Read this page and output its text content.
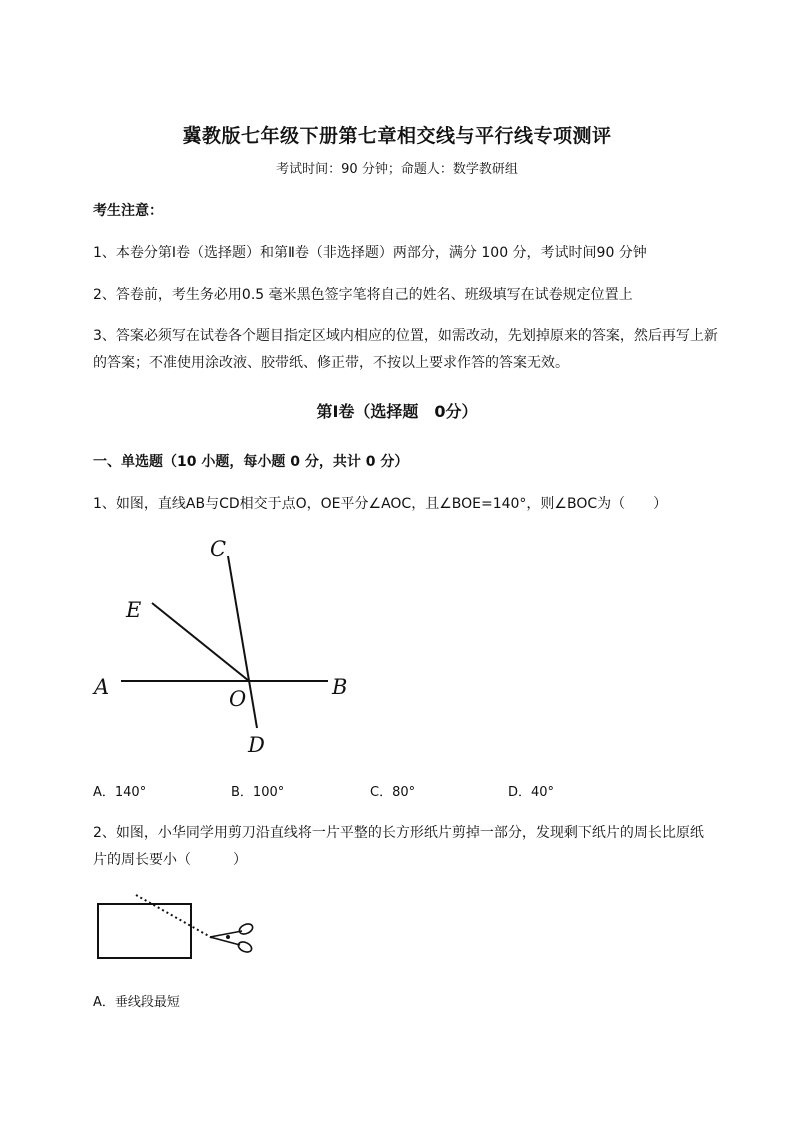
冀教版七年级下册第七章相交线与平行线专项测评
考试时间：90 分钟；命题人：数学教研组
考生注意：
1、本卷分第Ⅰ卷（选择题）和第Ⅱ卷（非选择题）两部分，满分 100 分，考试时间90 分钟
2、答卷前，考生务必用0.5 毫米黑色签字笔将自己的姓名、班级填写在试卷规定位置上
3、答案必须写在试卷各个题目指定区域内相应的位置，如需改动，先划掉原来的答案，然后再写上新
的答案；不准使用涂改液、胶带纸、修正带，不按以上要求作答的答案无效。
第Ⅰ卷（选择题　0分）
一、单选题（10 小题，每小题 0 分，共计 0 分）
1、如图，直线AB与CD相交于点O，OE平分∠AOC，且∠BOE=140°，则∠BOC为（　　）
C
E
A	O	B
D
A．140°	B．100°	C．80°	D．40°
2、如图，小华同学用剪刀沿直线将一片平整的长方形纸片剪掉一部分，发现剩下纸片的周长比原纸
片的周长要小（　　　）
A．垂线段最短
